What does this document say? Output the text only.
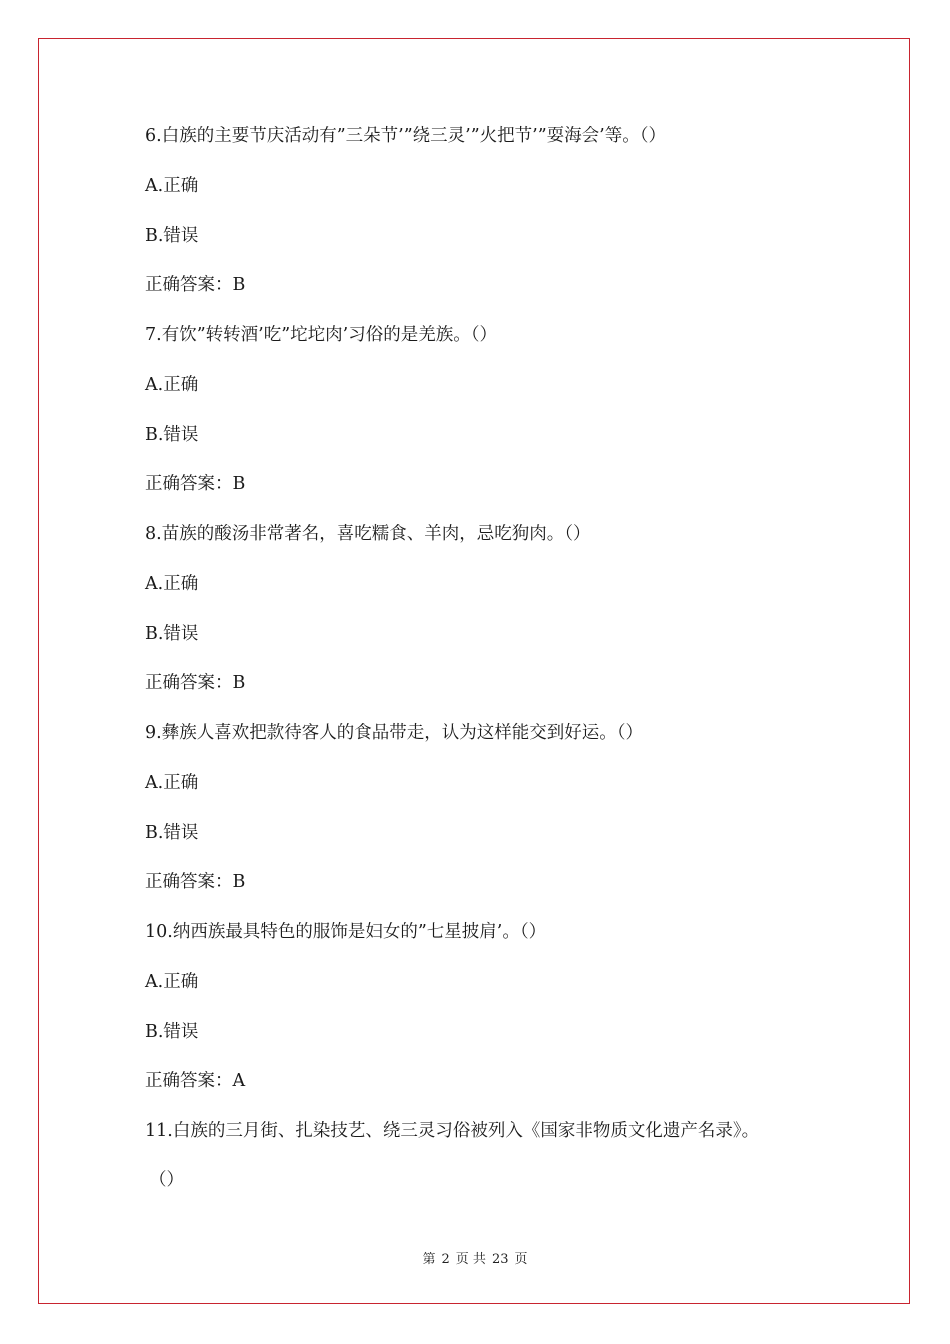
6.白族的主要节庆活动有”三朵节’”绕三灵’”火把节’”耍海会’等。（）
A.正确
B.错误
正确答案：B
7.有饮”转转酒’吃”坨坨肉’习俗的是羌族。（）
A.正确
B.错误
正确答案：B
8.苗族的酸汤非常著名，喜吃糯食、羊肉，忌吃狗肉。（）
A.正确
B.错误
正确答案：B
9.彝族人喜欢把款待客人的食品带走，认为这样能交到好运。（）
A.正确
B.错误
正确答案：B
10.纳西族最具特色的服饰是妇女的”七星披肩’。（）
A.正确
B.错误
正确答案：A
11.白族的三月街、扎染技艺、绕三灵习俗被列入《国家非物质文化遗产名录》。
（）
第 2 页 共 23 页
